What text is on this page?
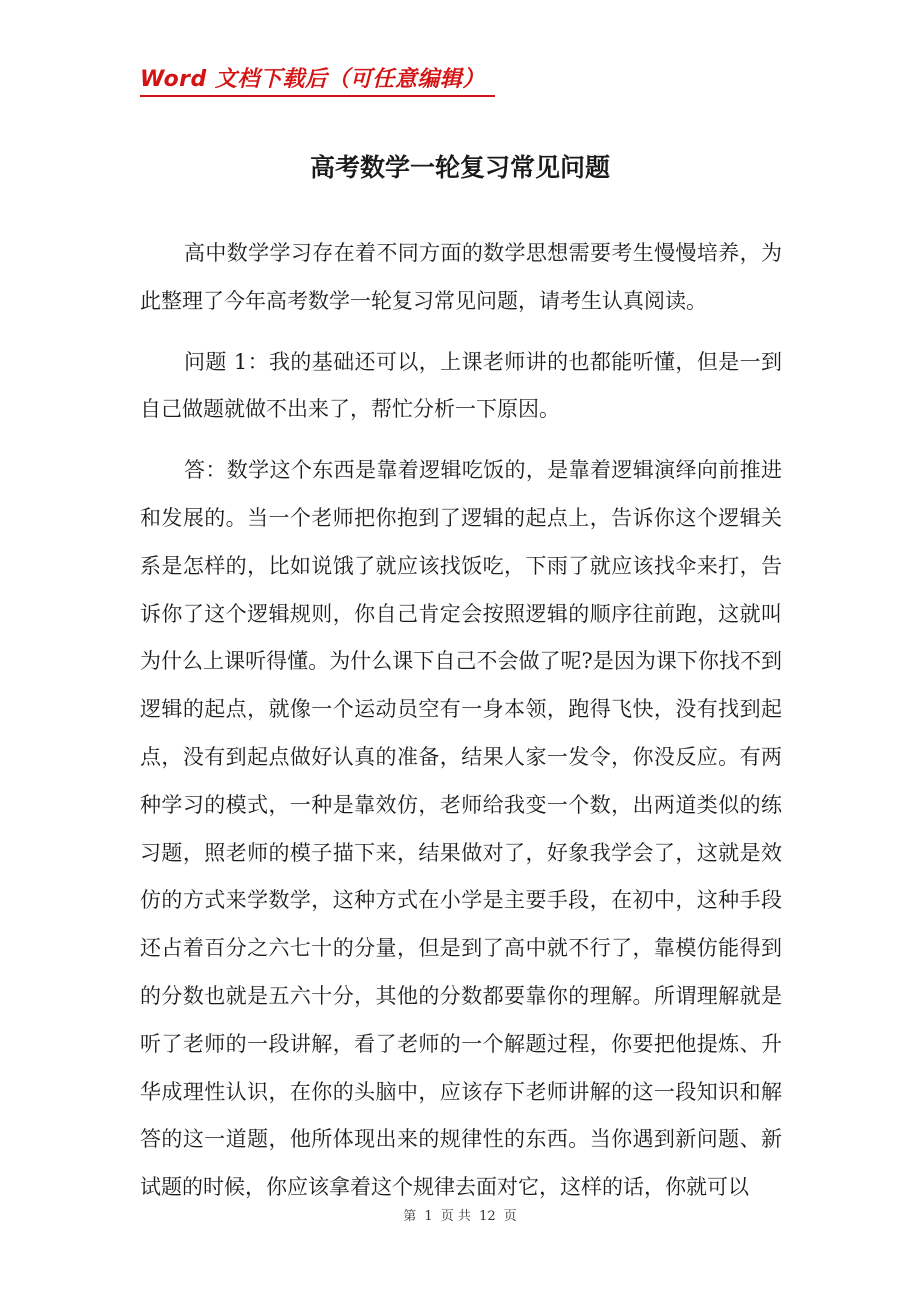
Word 文档下载后（可任意编辑）
高考数学一轮复习常见问题

高中数学学习存在着不同方面的数学思想需要考生慢慢培养，为此整理了今年高考数学一轮复习常见问题，请考生认真阅读。

问题 1：我的基础还可以，上课老师讲的也都能听懂，但是一到自己做题就做不出来了，帮忙分析一下原因。

答：数学这个东西是靠着逻辑吃饭的，是靠着逻辑演绎向前推进和发展的。当一个老师把你抱到了逻辑的起点上，告诉你这个逻辑关系是怎样的，比如说饿了就应该找饭吃，下雨了就应该找伞来打，告诉你了这个逻辑规则，你自己肯定会按照逻辑的顺序往前跑，这就叫为什么上课听得懂。为什么课下自己不会做了呢?是因为课下你找不到逻辑的起点，就像一个运动员空有一身本领，跑得飞快，没有找到起点，没有到起点做好认真的准备，结果人家一发令，你没反应。有两种学习的模式，一种是靠效仿，老师给我变一个数，出两道类似的练习题，照老师的模子描下来，结果做对了，好象我学会了，这就是效仿的方式来学数学，这种方式在小学是主要手段，在初中，这种手段还占着百分之六七十的分量，但是到了高中就不行了，靠模仿能得到的分数也就是五六十分，其他的分数都要靠你的理解。所谓理解就是听了老师的一段讲解，看了老师的一个解题过程，你要把他提炼、升华成理性认识，在你的头脑中，应该存下老师讲解的这一段知识和解答的这一道题，他所体现出来的规律性的东西。当你遇到新问题、新试题的时候，你应该拿着这个规律去面对它，这样的话，你就可以

第 1 页 共 12 页
